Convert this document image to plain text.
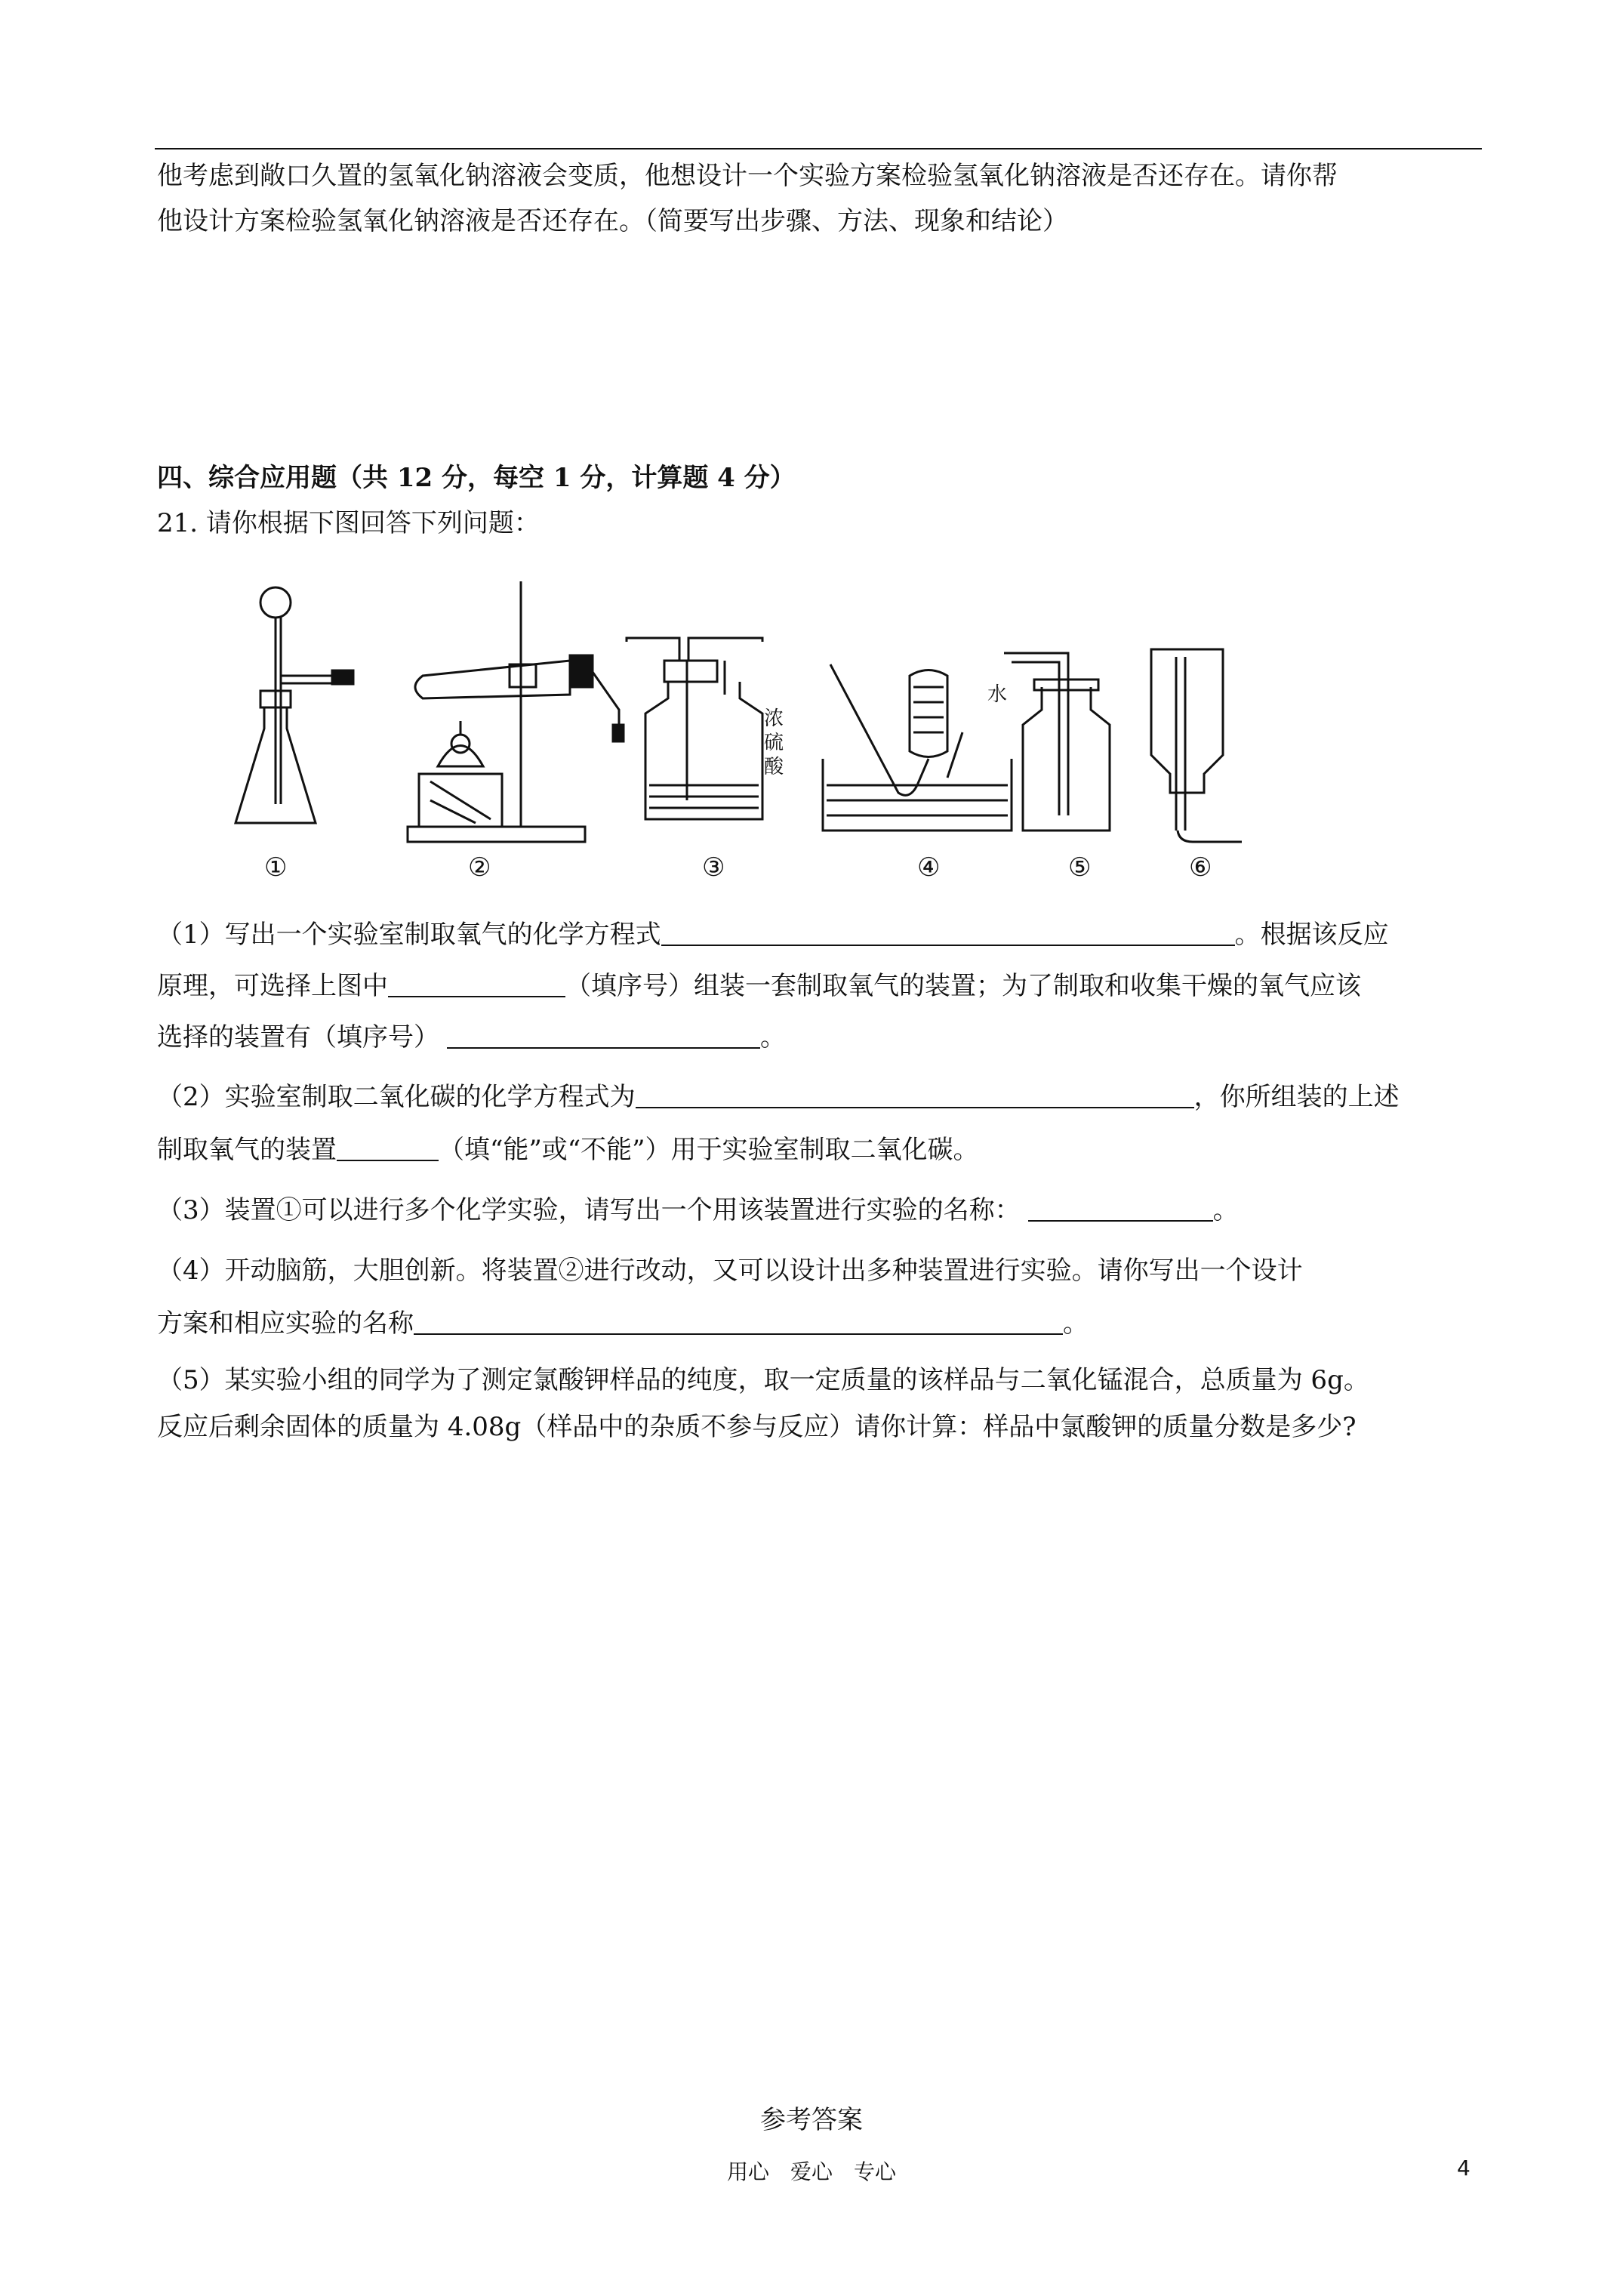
他考虑到敞口久置的氢氧化钠溶液会变质，他想设计一个实验方案检验氢氧化钠溶液是否还存在。请你帮
他设计方案检验氢氧化钠溶液是否还存在。（简要写出步骤、方法、现象和结论）
四、综合应用题（共 12 分，每空 1 分，计算题 4 分）
21. 请你根据下图回答下列问题：
水
浓
硫
酸
①	②	③	④	⑤	⑥
（1）写出一个实验室制取氧气的化学方程式	。根据该反应
原理，可选择上图中	（填序号）组装一套制取氧气的装置；为了制取和收集干燥的氧气应该
选择的装置有（填序号）	。
（2）实验室制取二氧化碳的化学方程式为	，你所组装的上述
制取氧气的装置	（填“能”或“不能”）用于实验室制取二氧化碳。
（3）装置①可以进行多个化学实验，请写出一个用该装置进行实验的名称：	。
（4）开动脑筋，大胆创新。将装置②进行改动，又可以设计出多种装置进行实验。请你写出一个设计
方案和相应实验的名称	。
（5）某实验小组的同学为了测定氯酸钾样品的纯度，取一定质量的该样品与二氧化锰混合，总质量为 6g。
反应后剩余固体的质量为 4.08g（样品中的杂质不参与反应）请你计算：样品中氯酸钾的质量分数是多少?
参考答案
用心　爱心　专心	4
